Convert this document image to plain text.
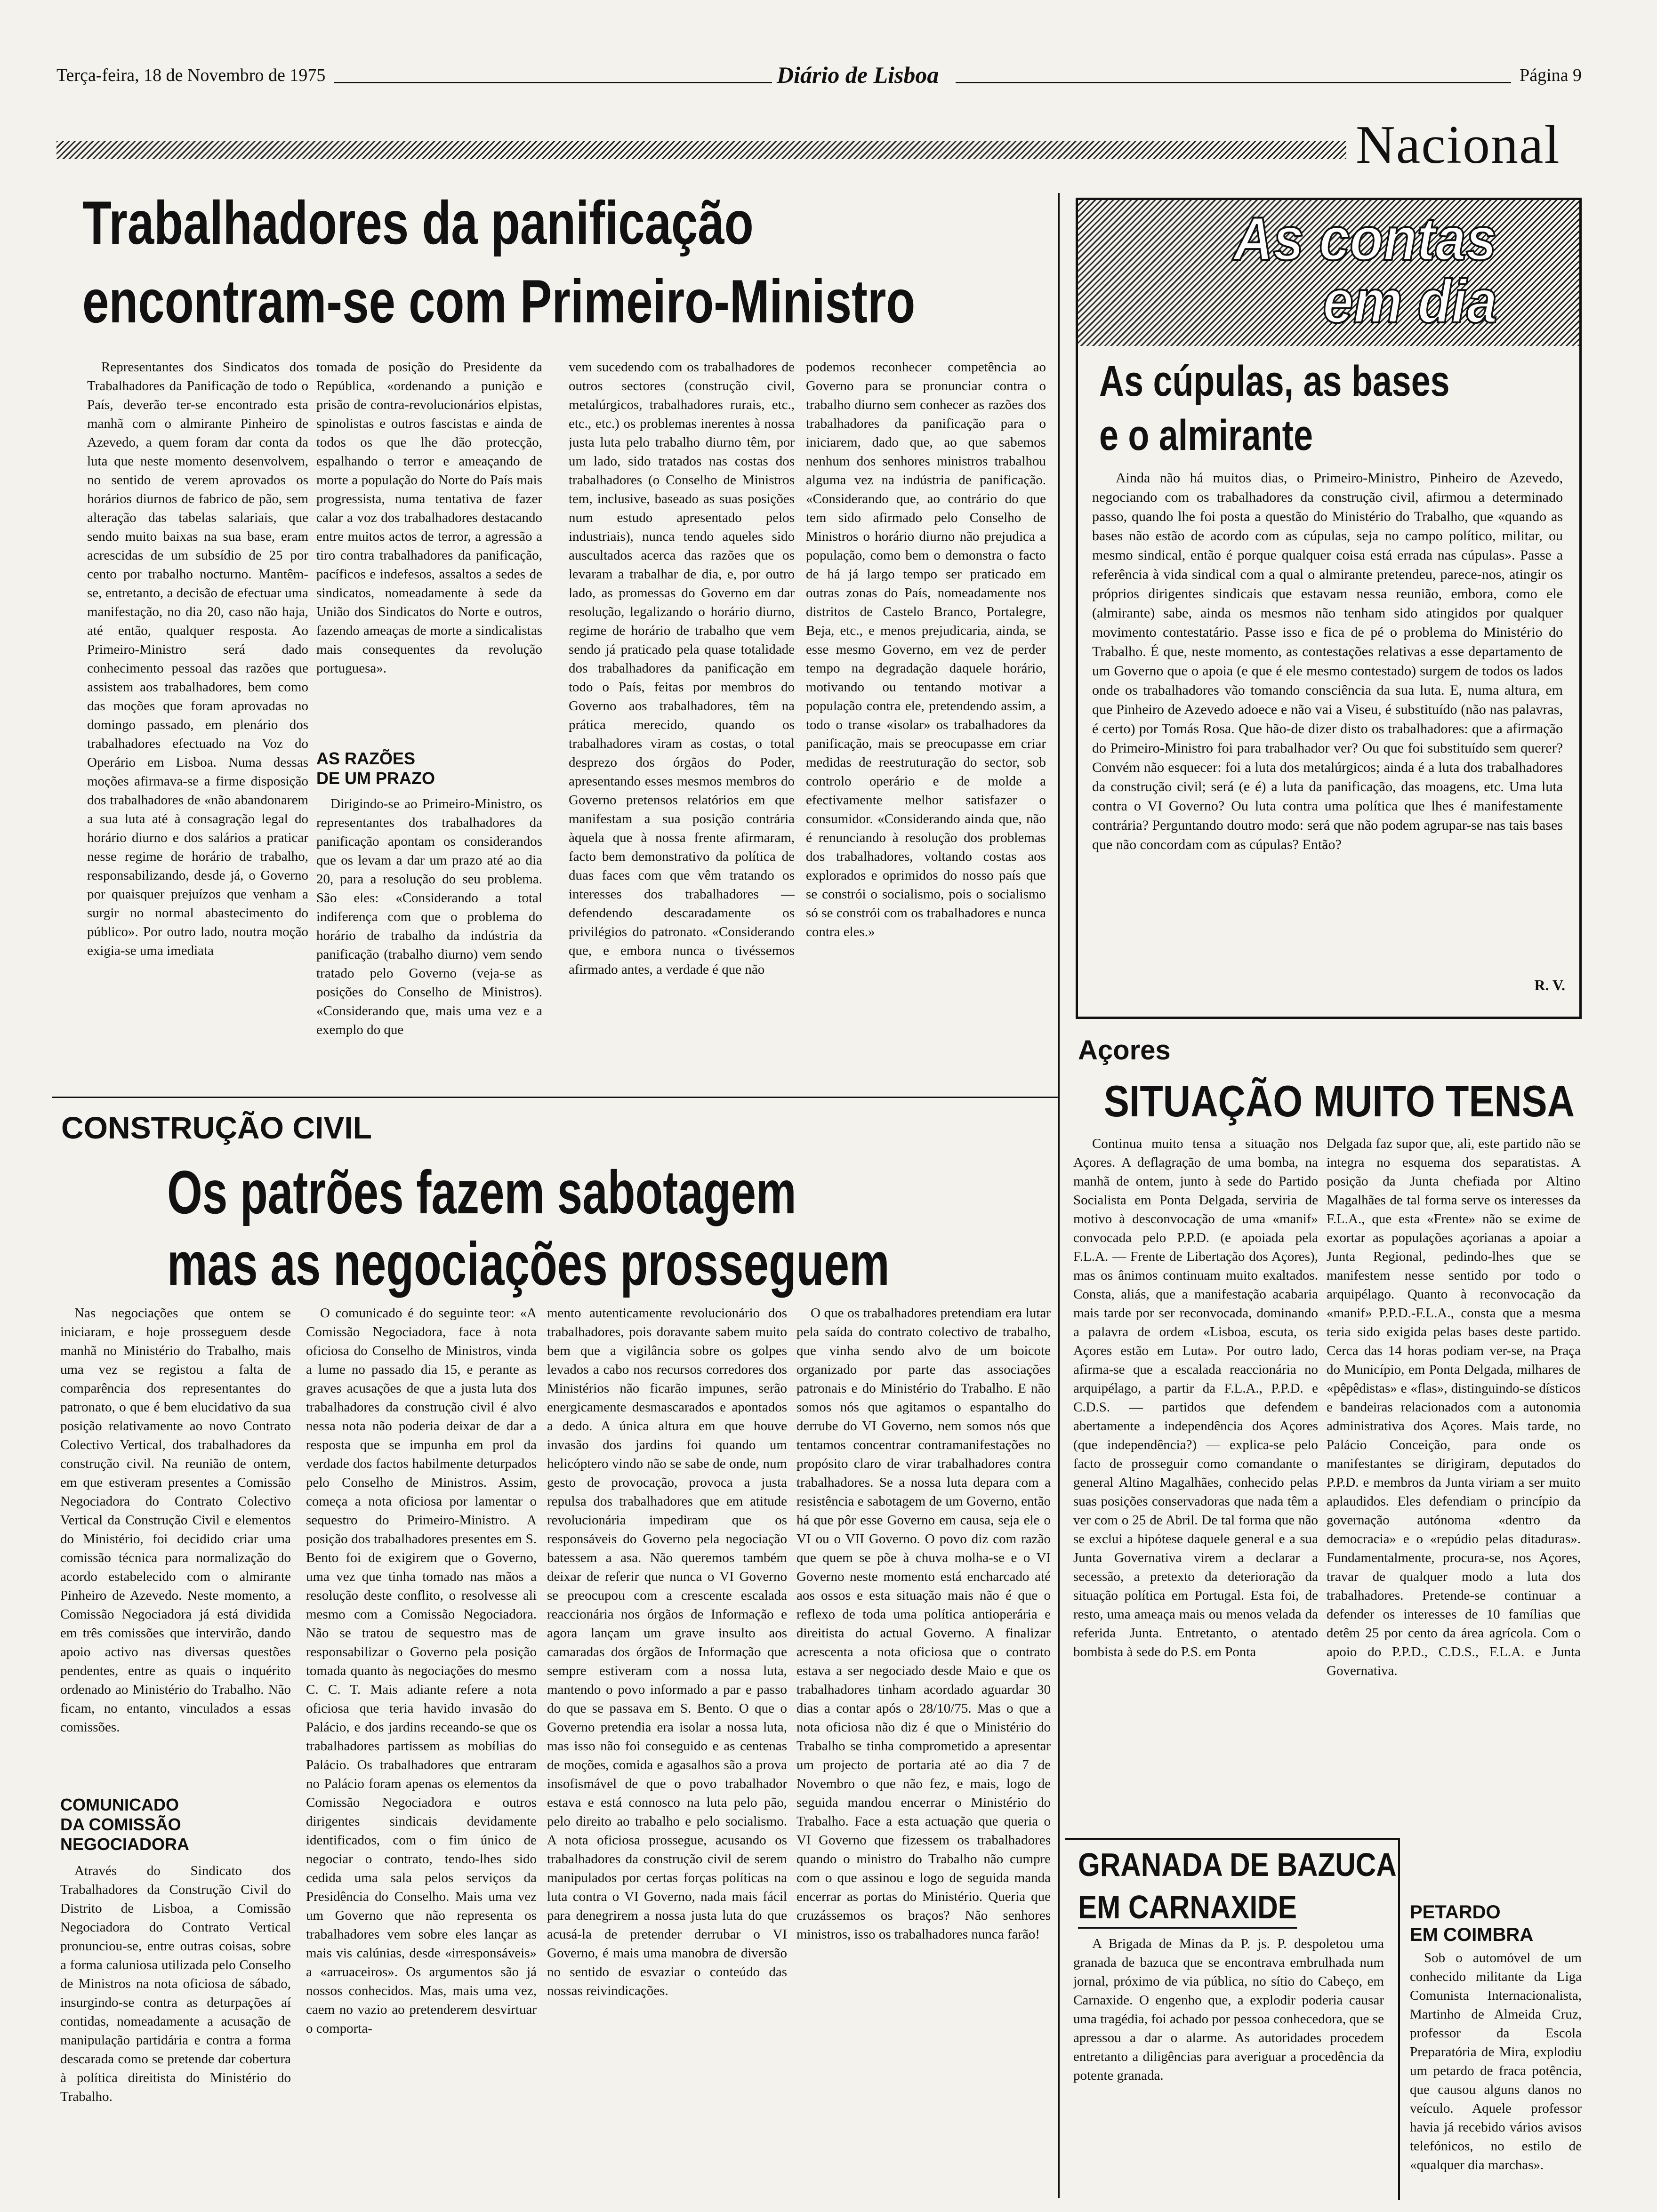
Terça-feira, 18 de Novembro de 1975	Diário de Lisboa	Página 9
Nacional
Trabalhadores da panificação
encontram-se com Primeiro-Ministro
Representantes dos Sindicatos dos Trabalhadores da Panificação de todo o País, deverão ter-se encontrado esta manhã com o almirante Pinheiro de Azevedo, a quem foram dar conta da luta que neste momento desenvolvem, no sentido de verem aprovados os horários diurnos de fabrico de pão, sem alteração das tabelas salariais, que sendo muito baixas na sua base, eram acrescidas de um subsídio de 25 por cento por trabalho nocturno. Mantêm-se, entretanto, a decisão de efectuar uma manifestação, no dia 20, caso não haja, até então, qualquer resposta. Ao Primeiro-Ministro será dado conhecimento pessoal das razões que assistem aos trabalhadores, bem como das moções que foram aprovadas no domingo passado, em plenário dos trabalhadores efectuado na Voz do Operário em Lisboa. Numa dessas moções afirmava-se a firme disposição dos trabalhadores de «não abandonarem a sua luta até à consagração legal do horário diurno e dos salários a praticar nesse regime de horário de trabalho, responsabilizando, desde já, o Governo por quaisquer prejuízos que venham a surgir no normal abastecimento do público». Por outro lado, noutra moção exigia-se uma imediata
tomada de posição do Presidente da República, «ordenando a punição e prisão de contra-revolucionários elpistas, spinolistas e outros fascistas e ainda de todos os que lhe dão protecção, espalhando o terror e ameaçando de morte a população do Norte do País mais progressista, numa tentativa de fazer calar a voz dos trabalhadores destacando entre muitos actos de terror, a agressão a tiro contra trabalhadores da panificação, pacíficos e indefesos, assaltos a sedes de sindicatos, nomeadamente à sede da União dos Sindicatos do Norte e outros, fazendo ameaças de morte a sindicalistas mais consequentes da revolução portuguesa».
AS RAZÕES
DE UM PRAZO
Dirigindo-se ao Primeiro-Ministro, os representantes dos trabalhadores da panificação apontam os considerandos que os levam a dar um prazo até ao dia 20, para a resolução do seu problema. São eles: «Considerando a total indiferença com que o problema do horário de trabalho da indústria da panificação (trabalho diurno) vem sendo tratado pelo Governo (veja-se as posições do Conselho de Ministros). «Considerando que, mais uma vez e a exemplo do que
vem sucedendo com os trabalhadores de outros sectores (construção civil, metalúrgicos, trabalhadores rurais, etc., etc., etc.) os problemas inerentes à nossa justa luta pelo trabalho diurno têm, por um lado, sido tratados nas costas dos trabalhadores (o Conselho de Ministros tem, inclusive, baseado as suas posições num estudo apresentado pelos industriais), nunca tendo aqueles sido auscultados acerca das razões que os levaram a trabalhar de dia, e, por outro lado, as promessas do Governo em dar resolução, legalizando o horário diurno, regime de horário de trabalho que vem sendo já praticado pela quase totalidade dos trabalhadores da panificação em todo o País, feitas por membros do Governo aos trabalhadores, têm na prática merecido, quando os trabalhadores viram as costas, o total desprezo dos órgãos do Poder, apresentando esses mesmos membros do Governo pretensos relatórios em que manifestam a sua posição contrária àquela que à nossa frente afirmaram, facto bem demonstrativo da política de duas faces com que vêm tratando os interesses dos trabalhadores — defendendo descaradamente os privilégios do patronato. «Considerando que, e embora nunca o tivéssemos afirmado antes, a verdade é que não
podemos reconhecer competência ao Governo para se pronunciar contra o trabalho diurno sem conhecer as razões dos trabalhadores da panificação para o iniciarem, dado que, ao que sabemos nenhum dos senhores ministros trabalhou alguma vez na indústria de panificação. «Considerando que, ao contrário do que tem sido afirmado pelo Conselho de Ministros o horário diurno não prejudica a população, como bem o demonstra o facto de há já largo tempo ser praticado em outras zonas do País, nomeadamente nos distritos de Castelo Branco, Portalegre, Beja, etc., e menos prejudicaria, ainda, se esse mesmo Governo, em vez de perder tempo na degradação daquele horário, motivando ou tentando motivar a população contra ele, pretendendo assim, a todo o transe «isolar» os trabalhadores da panificação, mais se preocupasse em criar medidas de reestruturação do sector, sob controlo operário e de molde a efectivamente melhor satisfazer o consumidor. «Considerando ainda que, não é renunciando à resolução dos problemas dos trabalhadores, voltando costas aos explorados e oprimidos do nosso país que se constrói o socialismo, pois o socialismo só se constrói com os trabalhadores e nunca contra eles.»
CONSTRUÇÃO CIVIL
Os patrões fazem sabotagem
mas as negociações prosseguem
Nas negociações que ontem se iniciaram, e hoje prosseguem desde manhã no Ministério do Trabalho, mais uma vez se registou a falta de comparência dos representantes do patronato, o que é bem elucidativo da sua posição relativamente ao novo Contrato Colectivo Vertical, dos trabalhadores da construção civil. Na reunião de ontem, em que estiveram presentes a Comissão Negociadora do Contrato Colectivo Vertical da Construção Civil e elementos do Ministério, foi decidido criar uma comissão técnica para normalização do acordo estabelecido com o almirante Pinheiro de Azevedo. Neste momento, a Comissão Negociadora já está dividida em três comissões que intervirão, dando apoio activo nas diversas questões pendentes, entre as quais o inquérito ordenado ao Ministério do Trabalho. Não ficam, no entanto, vinculados a essas comissões.
COMUNICADO
DA COMISSÃO
NEGOCIADORA
Através do Sindicato dos Trabalhadores da Construção Civil do Distrito de Lisboa, a Comissão Negociadora do Contrato Vertical pronunciou-se, entre outras coisas, sobre a forma caluniosa utilizada pelo Conselho de Ministros na nota oficiosa de sábado, insurgindo-se contra as deturpações aí contidas, nomeadamente a acusação de manipulação partidária e contra a forma descarada como se pretende dar cobertura à política direitista do Ministério do Trabalho.
O comunicado é do seguinte teor: «A Comissão Negociadora, face à nota oficiosa do Conselho de Ministros, vinda a lume no passado dia 15, e perante as graves acusações de que a justa luta dos trabalhadores da construção civil é alvo nessa nota não poderia deixar de dar a resposta que se impunha em prol da verdade dos factos habilmente deturpados pelo Conselho de Ministros. Assim, começa a nota oficiosa por lamentar o sequestro do Primeiro-Ministro. A posição dos trabalhadores presentes em S. Bento foi de exigirem que o Governo, uma vez que tinha tomado nas mãos a resolução deste conflito, o resolvesse ali mesmo com a Comissão Negociadora. Não se tratou de sequestro mas de responsabilizar o Governo pela posição tomada quanto às negociações do mesmo C. C. T. Mais adiante refere a nota oficiosa que teria havido invasão do Palácio, e dos jardins receando-se que os trabalhadores partissem as mobílias do Palácio. Os trabalhadores que entraram no Palácio foram apenas os elementos da Comissão Negociadora e outros dirigentes sindicais devidamente identificados, com o fim único de negociar o contrato, tendo-lhes sido cedida uma sala pelos serviços da Presidência do Conselho. Mais uma vez um Governo que não representa os trabalhadores vem sobre eles lançar as mais vis calúnias, desde «irresponsáveis» a «arruaceiros». Os argumentos são já nossos conhecidos. Mas, mais uma vez, caem no vazio ao pretenderem desvirtuar o comporta-
mento autenticamente revolucionário dos trabalhadores, pois doravante sabem muito bem que a vigilância sobre os golpes levados a cabo nos recursos corredores dos Ministérios não ficarão impunes, serão energicamente desmascarados e apontados a dedo. A única altura em que houve invasão dos jardins foi quando um helicóptero vindo não se sabe de onde, num gesto de provocação, provoca a justa repulsa dos trabalhadores que em atitude revolucionária impediram que os responsáveis do Governo pela negociação batessem a asa. Não queremos também deixar de referir que nunca o VI Governo se preocupou com a crescente escalada reaccionária nos órgãos de Informação e agora lançam um grave insulto aos camaradas dos órgãos de Informação que sempre estiveram com a nossa luta, mantendo o povo informado a par e passo do que se passava em S. Bento. O que o Governo pretendia era isolar a nossa luta, mas isso não foi conseguido e as centenas de moções, comida e agasalhos são a prova insofismável de que o povo trabalhador estava e está connosco na luta pelo pão, pelo direito ao trabalho e pelo socialismo. A nota oficiosa prossegue, acusando os trabalhadores da construção civil de serem manipulados por certas forças políticas na luta contra o VI Governo, nada mais fácil para denegrirem a nossa justa luta do que acusá-la de pretender derrubar o VI Governo, é mais uma manobra de diversão no sentido de esvaziar o conteúdo das nossas reivindicações.
O que os trabalhadores pretendiam era lutar pela saída do contrato colectivo de trabalho, que vinha sendo alvo de um boicote organizado por parte das associações patronais e do Ministério do Trabalho. E não somos nós que agitamos o espantalho do derrube do VI Governo, nem somos nós que tentamos concentrar contramanifestações no propósito claro de virar trabalhadores contra trabalhadores. Se a nossa luta depara com a resistência e sabotagem de um Governo, então há que pôr esse Governo em causa, seja ele o VI ou o VII Governo. O povo diz com razão que quem se põe à chuva molha-se e o VI Governo neste momento está encharcado até aos ossos e esta situação mais não é que o reflexo de toda uma política antioperária e direitista do actual Governo. A finalizar acrescenta a nota oficiosa que o contrato estava a ser negociado desde Maio e que os trabalhadores tinham acordado aguardar 30 dias a contar após o 28/10/75. Mas o que a nota oficiosa não diz é que o Ministério do Trabalho se tinha comprometido a apresentar um projecto de portaria até ao dia 7 de Novembro o que não fez, e mais, logo de seguida mandou encerrar o Ministério do Trabalho. Face a esta actuação que queria o VI Governo que fizessem os trabalhadores quando o ministro do Trabalho não cumpre com o que assinou e logo de seguida manda encerrar as portas do Ministério. Queria que cruzássemos os braços? Não senhores ministros, isso os trabalhadores nunca farão!
As contas
em dia
As cúpulas, as bases
e o almirante
Ainda não há muitos dias, o Primeiro-Ministro, Pinheiro de Azevedo, negociando com os trabalhadores da construção civil, afirmou a determinado passo, quando lhe foi posta a questão do Ministério do Trabalho, que «quando as bases não estão de acordo com as cúpulas, seja no campo político, militar, ou mesmo sindical, então é porque qualquer coisa está errada nas cúpulas». Passe a referência à vida sindical com a qual o almirante pretendeu, parece-nos, atingir os próprios dirigentes sindicais que estavam nessa reunião, embora, como ele (almirante) sabe, ainda os mesmos não tenham sido atingidos por qualquer movimento contestatário. Passe isso e fica de pé o problema do Ministério do Trabalho. É que, neste momento, as contestações relativas a esse departamento de um Governo que o apoia (e que é ele mesmo contestado) surgem de todos os lados onde os trabalhadores vão tomando consciência da sua luta. E, numa altura, em que Pinheiro de Azevedo adoece e não vai a Viseu, é substituído (não nas palavras, é certo) por Tomás Rosa. Que hão-de dizer disto os trabalhadores: que a afirmação do Primeiro-Ministro foi para trabalhador ver? Ou que foi substituído sem querer? Convém não esquecer: foi a luta dos metalúrgicos; ainda é a luta dos trabalhadores da construção civil; será (e é) a luta da panificação, das moagens, etc. Uma luta contra o VI Governo? Ou luta contra uma política que lhes é manifestamente contrária? Perguntando doutro modo: será que não podem agrupar-se nas tais bases que não concordam com as cúpulas? Então?
R. V.
Açores
SITUAÇÃO MUITO TENSA
Continua muito tensa a situação nos Açores. A deflagração de uma bomba, na manhã de ontem, junto à sede do Partido Socialista em Ponta Delgada, serviria de motivo à desconvocação de uma «manif» convocada pelo P.P.D. (e apoiada pela F.L.A. — Frente de Libertação dos Açores), mas os ânimos continuam muito exaltados. Consta, aliás, que a manifestação acabaria mais tarde por ser reconvocada, dominando a palavra de ordem «Lisboa, escuta, os Açores estão em Luta». Por outro lado, afirma-se que a escalada reaccionária no arquipélago, a partir da F.L.A., P.P.D. e C.D.S. — partidos que defendem abertamente a independência dos Açores (que independência?) — explica-se pelo facto de prosseguir como comandante o general Altino Magalhães, conhecido pelas suas posições conservadoras que nada têm a ver com o 25 de Abril. De tal forma que não se exclui a hipótese daquele general e a sua Junta Governativa virem a declarar a secessão, a pretexto da deterioração da situação política em Portugal. Esta foi, de resto, uma ameaça mais ou menos velada da referida Junta. Entretanto, o atentado bombista à sede do P.S. em Ponta
Delgada faz supor que, ali, este partido não se integra no esquema dos separatistas. A posição da Junta chefiada por Altino Magalhães de tal forma serve os interesses da F.L.A., que esta «Frente» não se exime de exortar as populações açorianas a apoiar a Junta Regional, pedindo-lhes que se manifestem nesse sentido por todo o arquipélago. Quanto à reconvocação da «manif» P.P.D.-F.L.A., consta que a mesma teria sido exigida pelas bases deste partido. Cerca das 14 horas podiam ver-se, na Praça do Município, em Ponta Delgada, milhares de «pêpêdistas» e «flas», distinguindo-se dísticos e bandeiras relacionados com a autonomia administrativa dos Açores. Mais tarde, no Palácio Conceição, para onde os manifestantes se dirigiram, deputados do P.P.D. e membros da Junta viriam a ser muito aplaudidos. Eles defendiam o princípio da governação autónoma «dentro da democracia» e o «repúdio pelas ditaduras». Fundamentalmente, procura-se, nos Açores, travar de qualquer modo a luta dos trabalhadores. Pretende-se continuar a defender os interesses de 10 famílias que detêm 25 por cento da área agrícola. Com o apoio do P.P.D., C.D.S., F.L.A. e Junta Governativa.
GRANADA DE BAZUCA
EM CARNAXIDE
A Brigada de Minas da P. js. P. despoletou uma granada de bazuca que se encontrava embrulhada num jornal, próximo de via pública, no sítio do Cabeço, em Carnaxide. O engenho que, a explodir poderia causar uma tragédia, foi achado por pessoa conhecedora, que se apressou a dar o alarme. As autoridades procedem entretanto a diligências para averiguar a procedência da potente granada.
PETARDO
EM COIMBRA
Sob o automóvel de um conhecido militante da Liga Comunista Internacionalista, Martinho de Almeida Cruz, professor da Escola Preparatória de Mira, explodiu um petardo de fraca potência, que causou alguns danos no veículo. Aquele professor havia já recebido vários avisos telefónicos, no estilo de «qualquer dia marchas».
